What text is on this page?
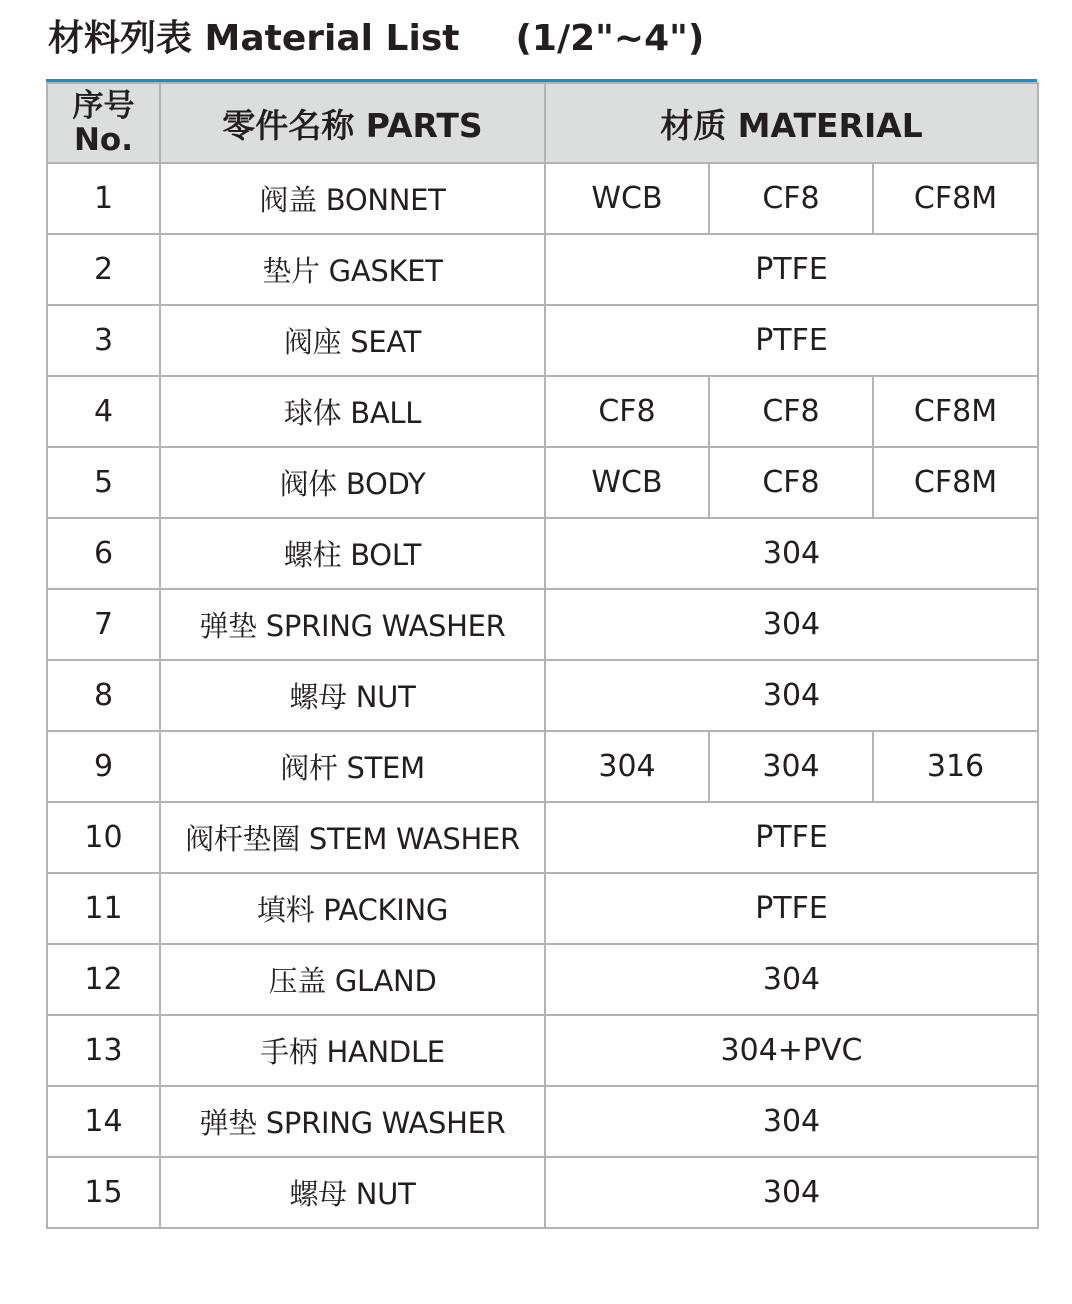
材料列表 Material List (1/2"~4")
序号
No.	零件名称 PARTS	材质 MATERIAL		
1	阀盖 BONNET	WCB	CF8	CF8M
2	垫片 GASKET	PTFE		
3	阀座 SEAT	PTFE		
4	球体 BALL	CF8	CF8	CF8M
5	阀体 BODY	WCB	CF8	CF8M
6	螺柱 BOLT	304		
7	弹垫 SPRING WASHER	304		
8	螺母 NUT	304		
9	阀杆 STEM	304	304	316
10	阀杆垫圈 STEM WASHER	PTFE		
11	填料 PACKING	PTFE		
12	压盖 GLAND	304		
13	手柄 HANDLE	304+PVC		
14	弹垫 SPRING WASHER	304		
15	螺母 NUT	304		
